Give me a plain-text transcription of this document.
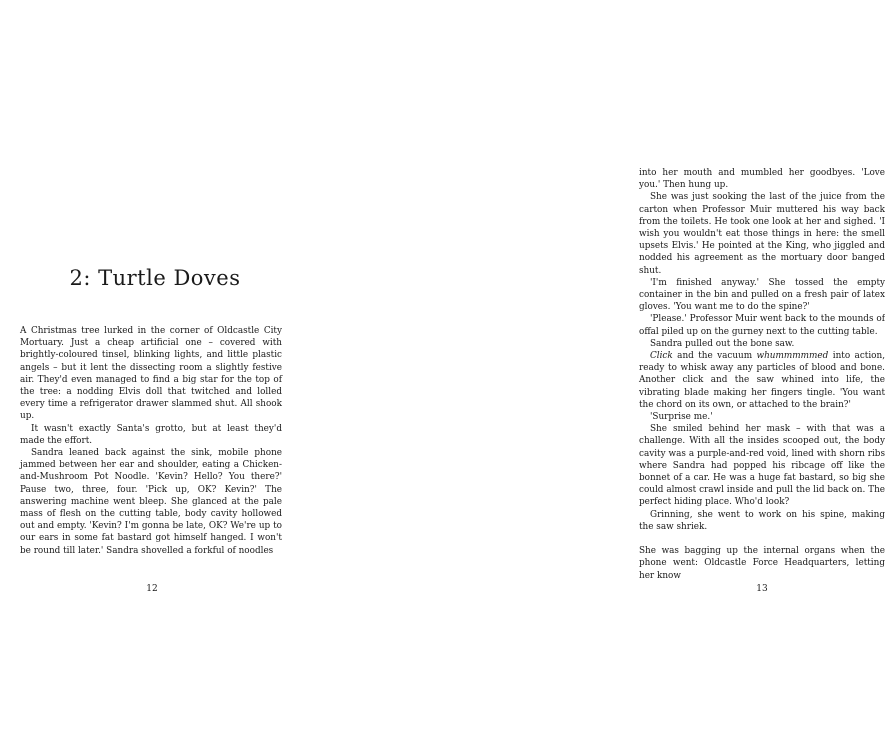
2: Turtle Doves

A Christmas tree lurked in the corner of Oldcastle City Mortuary. Just a cheap artificial one – covered with brightly-coloured tinsel, blinking lights, and little plastic angels – but it lent the dissecting room a slightly festive air. They'd even managed to find a big star for the top of the tree: a nodding Elvis doll that twitched and lolled every time a refrigerator drawer slammed shut. All shook up.

It wasn't exactly Santa's grotto, but at least they'd made the effort.

Sandra leaned back against the sink, mobile phone jammed between her ear and shoulder, eating a Chicken-and-Mushroom Pot Noodle. 'Kevin? Hello? You there?' Pause two, three, four. 'Pick up, OK? Kevin?' The answering machine went bleep. She glanced at the pale mass of flesh on the cutting table, body cavity hollowed out and empty. 'Kevin? I'm gonna be late, OK? We're up to our ears in some fat bastard got himself hanged. I won't be round till later.' Sandra shovelled a forkful of noodles

12

into her mouth and mumbled her goodbyes. 'Love you.' Then hung up.

She was just sooking the last of the juice from the carton when Professor Muir muttered his way back from the toilets. He took one look at her and sighed. 'I wish you wouldn't eat those things in here: the smell upsets Elvis.' He pointed at the King, who jiggled and nodded his agreement as the mortuary door banged shut.

'I'm finished anyway.' She tossed the empty container in the bin and pulled on a fresh pair of latex gloves. 'You want me to do the spine?'

'Please.' Professor Muir went back to the mounds of offal piled up on the gurney next to the cutting table.

Sandra pulled out the bone saw.

Click and the vacuum whummmmmed into action, ready to whisk away any particles of blood and bone. Another click and the saw whined into life, the vibrating blade making her fingers tingle. 'You want the chord on its own, or attached to the brain?'

'Surprise me.'

She smiled behind her mask – with that was a challenge. With all the insides scooped out, the body cavity was a purple-and-red void, lined with shorn ribs where Sandra had popped his ribcage off like the bonnet of a car. He was a huge fat bastard, so big she could almost crawl inside and pull the lid back on. The perfect hiding place. Who'd look?

Grinning, she went to work on his spine, making the saw shriek.

She was bagging up the internal organs when the phone went: Oldcastle Force Headquarters, letting her know

13
